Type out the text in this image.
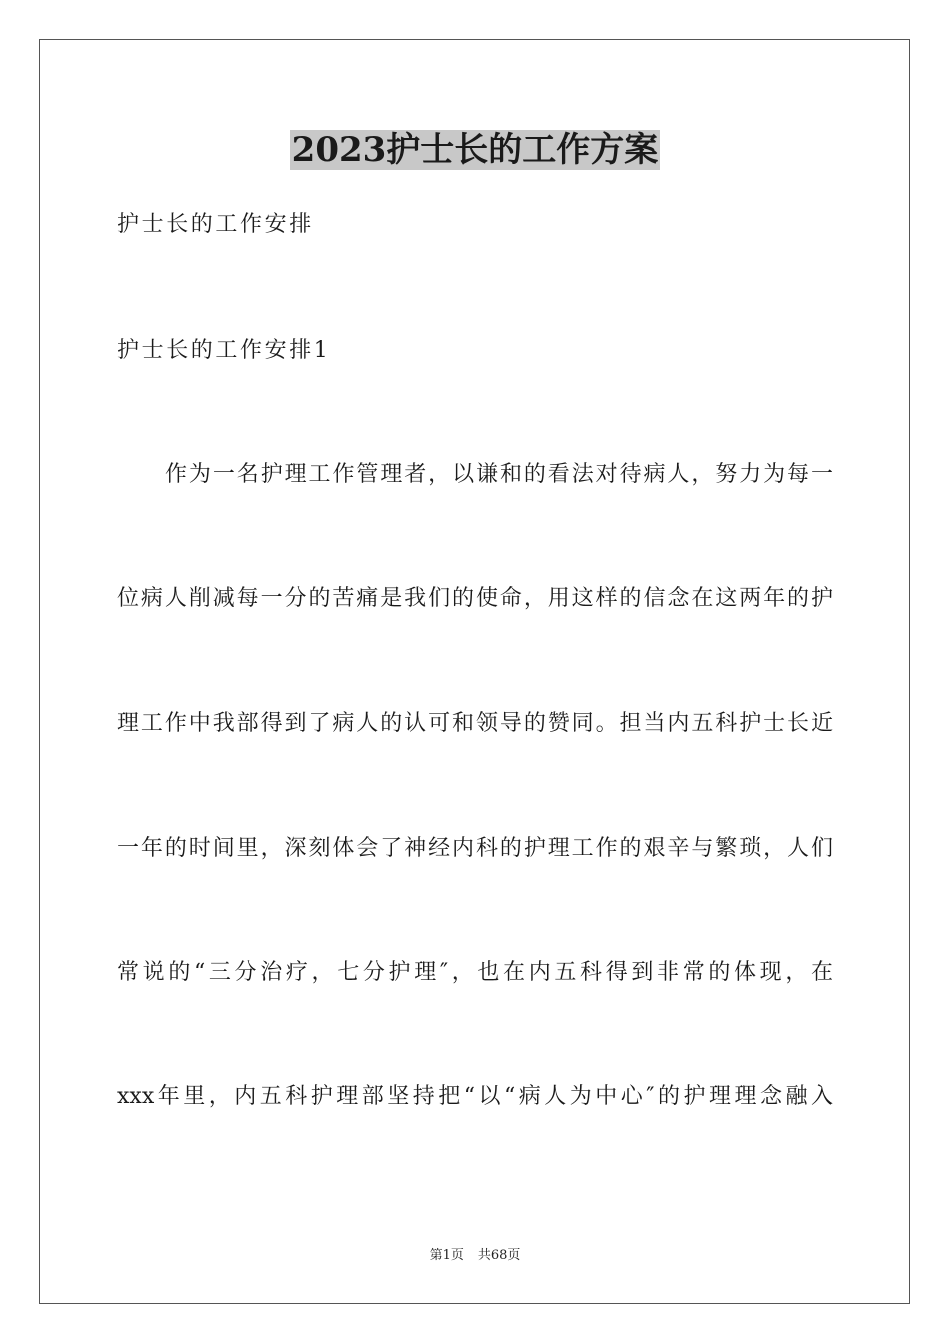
2023护士长的工作方案
护士长的工作安排
护士长的工作安排1
作为一名护理工作管理者，以谦和的看法对待病人，努力为每一
位病人削减每一分的苦痛是我们的使命，用这样的信念在这两年的护
理工作中我部得到了病人的认可和领导的赞同。担当内五科护士长近
一年的时间里，深刻体会了神经内科的护理工作的艰辛与繁琐，人们
常说的“三分治疗，七分护理″，也在内五科得到非常的体现，在
xxx年里，内五科护理部坚持把“以“病人为中心″的护理理念融入
第1页 共68页
